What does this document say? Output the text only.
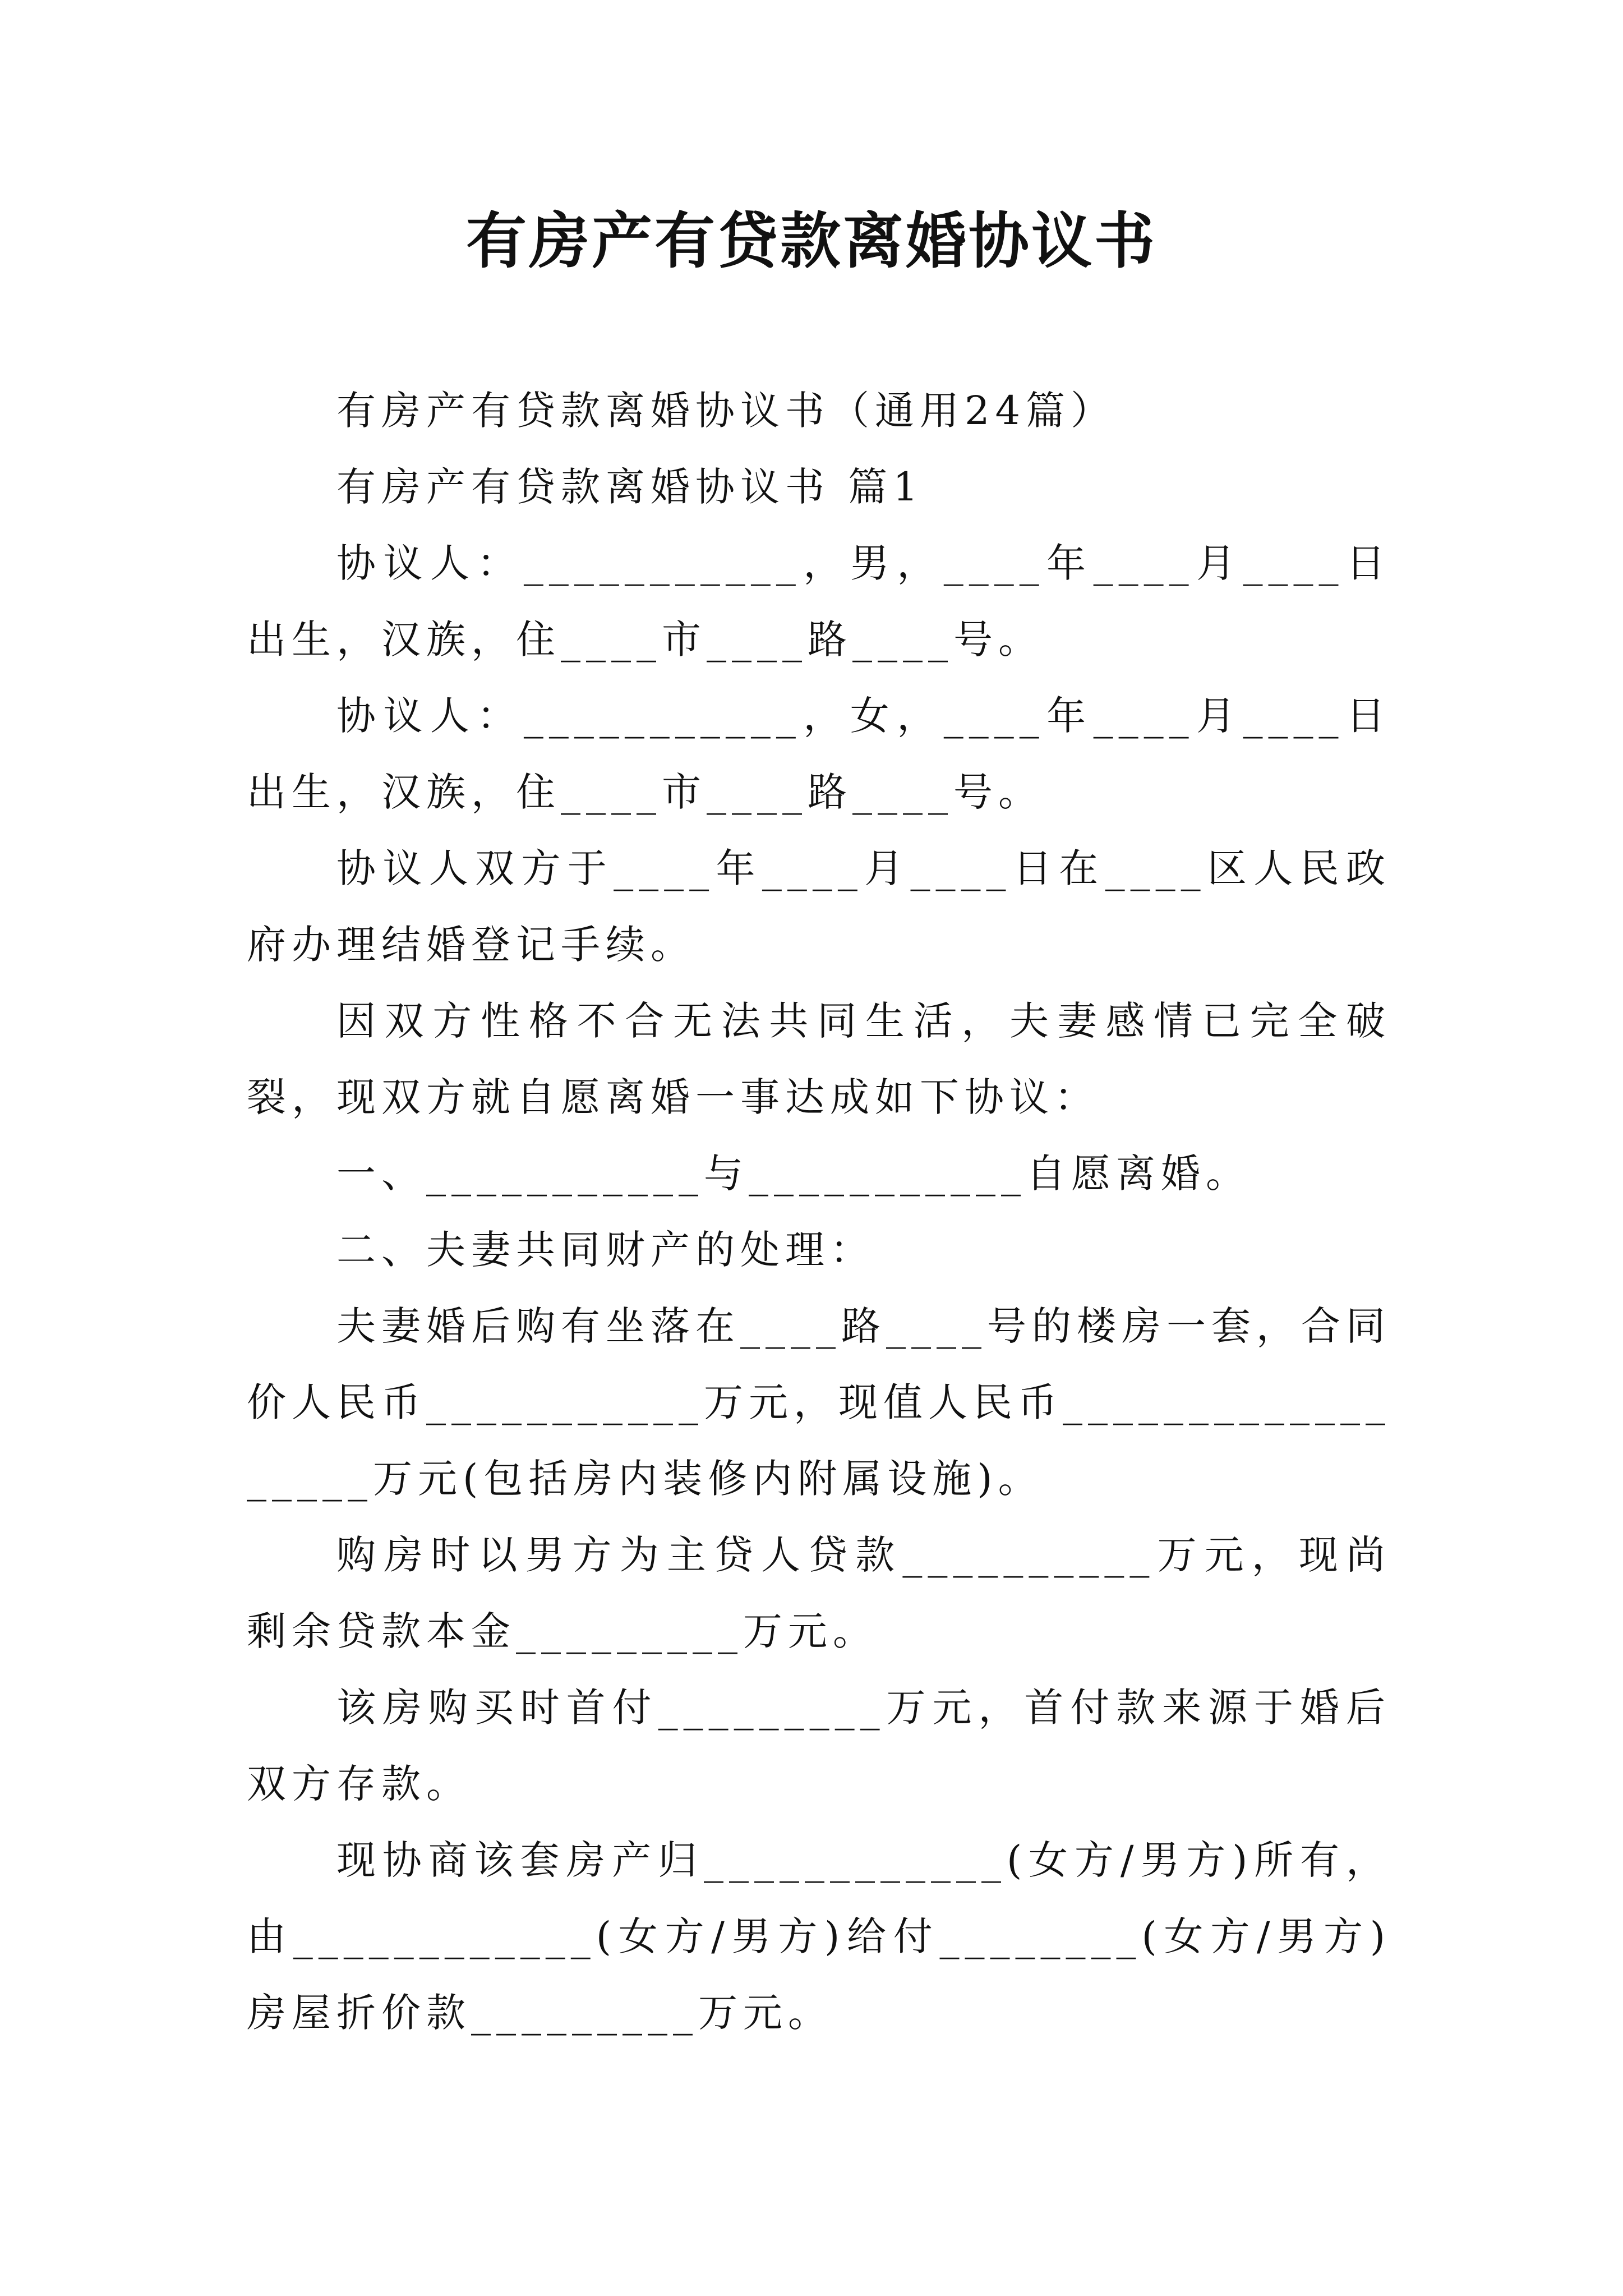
有房产有贷款离婚协议书

有房产有贷款离婚协议书（通用24篇）

有房产有贷款离婚协议书 篇1

协议人：___________，男，____年____月____日出生，汉族，住____市____路____号。

协议人：___________，女，____年____月____日出生，汉族，住____市____路____号。

协议人双方于____年____月____日在____区人民政府办理结婚登记手续。

因双方性格不合无法共同生活，夫妻感情已完全破裂，现双方就自愿离婚一事达成如下协议：

一、___________与___________自愿离婚。

二、夫妻共同财产的处理：

夫妻婚后购有坐落在____路____号的楼房一套，合同价人民币___________万元，现值人民币__________________万元(包括房内装修内附属设施)。

购房时以男方为主贷人贷款__________万元，现尚剩余贷款本金_________万元。

该房购买时首付_________万元，首付款来源于婚后双方存款。

现协商该套房产归____________(女方/男方)所有，由____________(女方/男方)给付________(女方/男方)房屋折价款_________万元。
